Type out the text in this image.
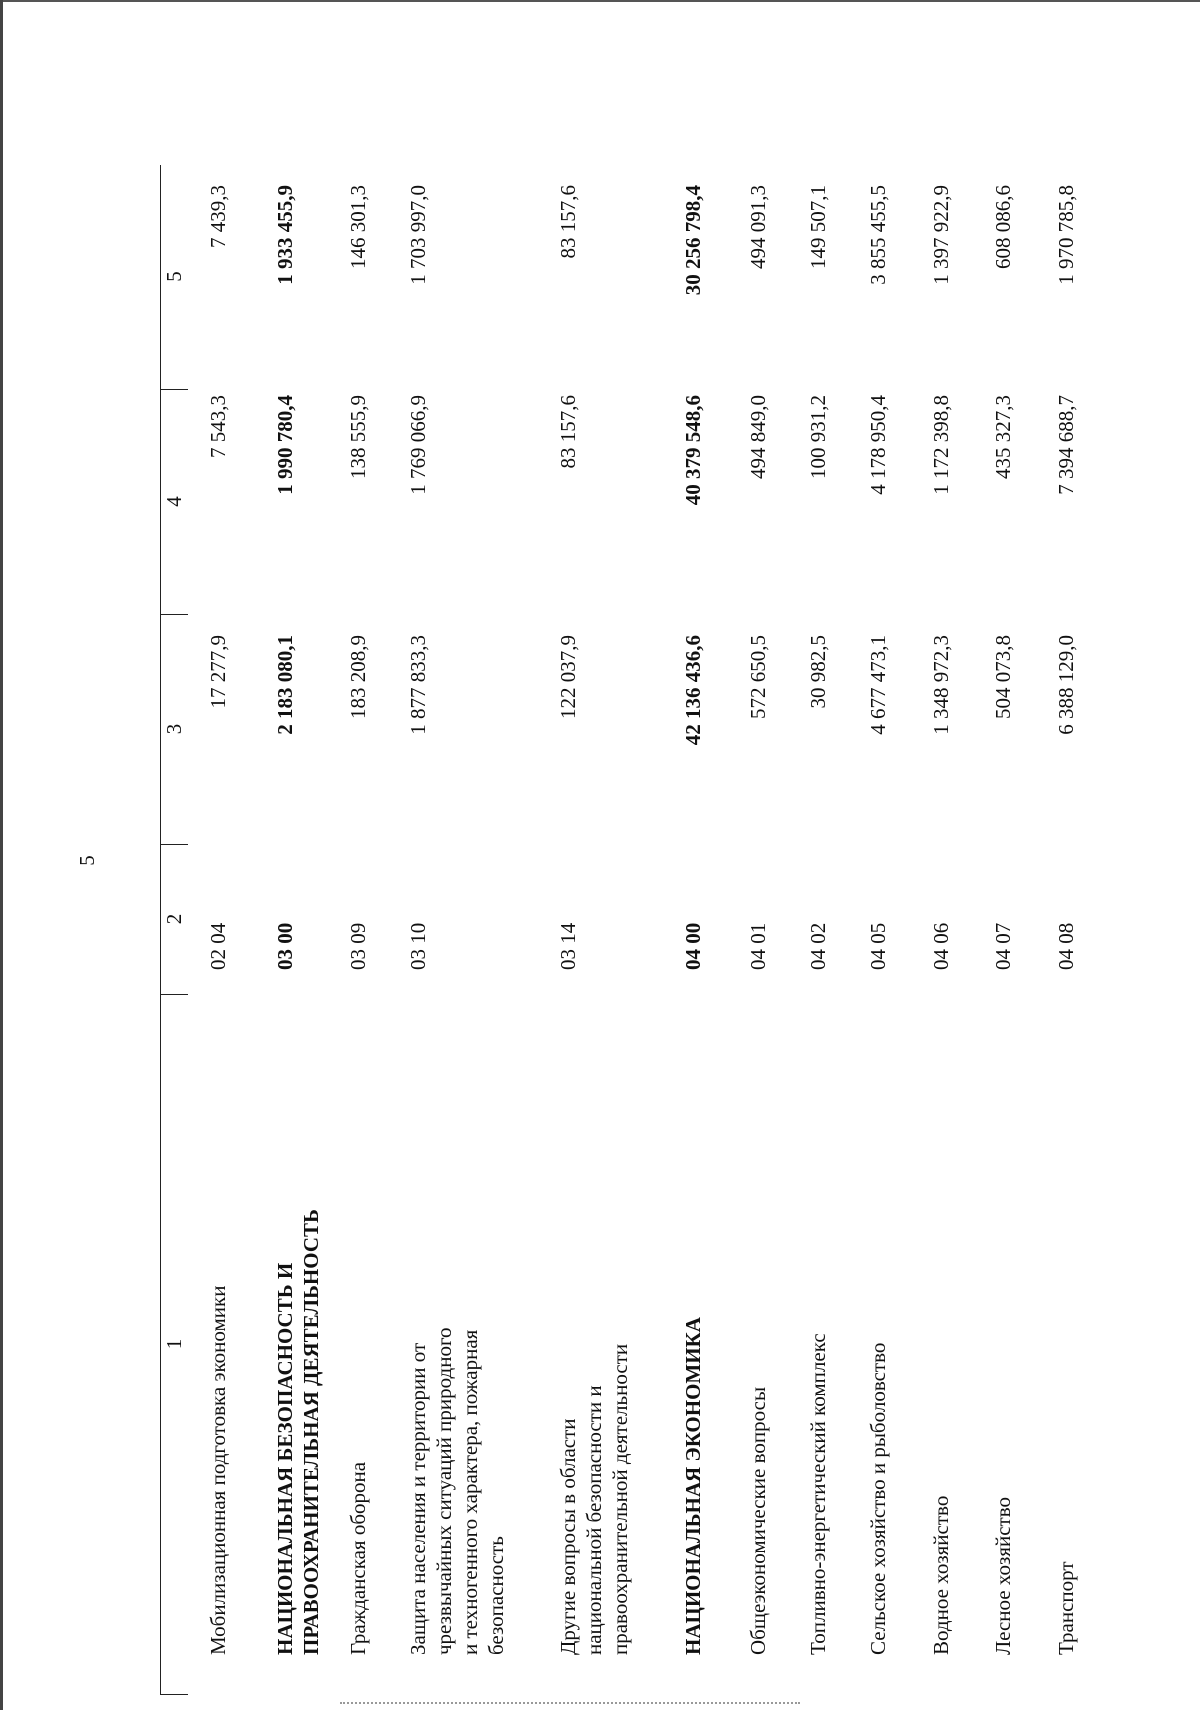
5
1
2
3
4
5
Мобилизационная подготовка экономики
02 04
17 277,9
7 543,3
7 439,3
НАЦИОНАЛЬНАЯ БЕЗОПАСНОСТЬ И ПРАВООХРАНИТЕЛЬНАЯ ДЕЯТЕЛЬНОСТЬ
03 00
2 183 080,1
1 990 780,4
1 933 455,9
Гражданская оборона
03 09
183 208,9
138 555,9
146 301,3
Защита населения и территории от чрезвычайных ситуаций природного и техногенного характера, пожарная безопасность
03 10
1 877 833,3
1 769 066,9
1 703 997,0
Другие вопросы в области национальной безопасности и правоохранительной деятельности
03 14
122 037,9
83 157,6
83 157,6
НАЦИОНАЛЬНАЯ ЭКОНОМИКА
04 00
42 136 436,6
40 379 548,6
30 256 798,4
Общеэкономические вопросы
04 01
572 650,5
494 849,0
494 091,3
Топливно-энергетический комплекс
04 02
30 982,5
100 931,2
149 507,1
Сельское хозяйство и рыболовство
04 05
4 677 473,1
4 178 950,4
3 855 455,5
Водное хозяйство
04 06
1 348 972,3
1 172 398,8
1 397 922,9
Лесное хозяйство
04 07
504 073,8
435 327,3
608 086,6
Транспорт
04 08
6 388 129,0
7 394 688,7
1 970 785,8
